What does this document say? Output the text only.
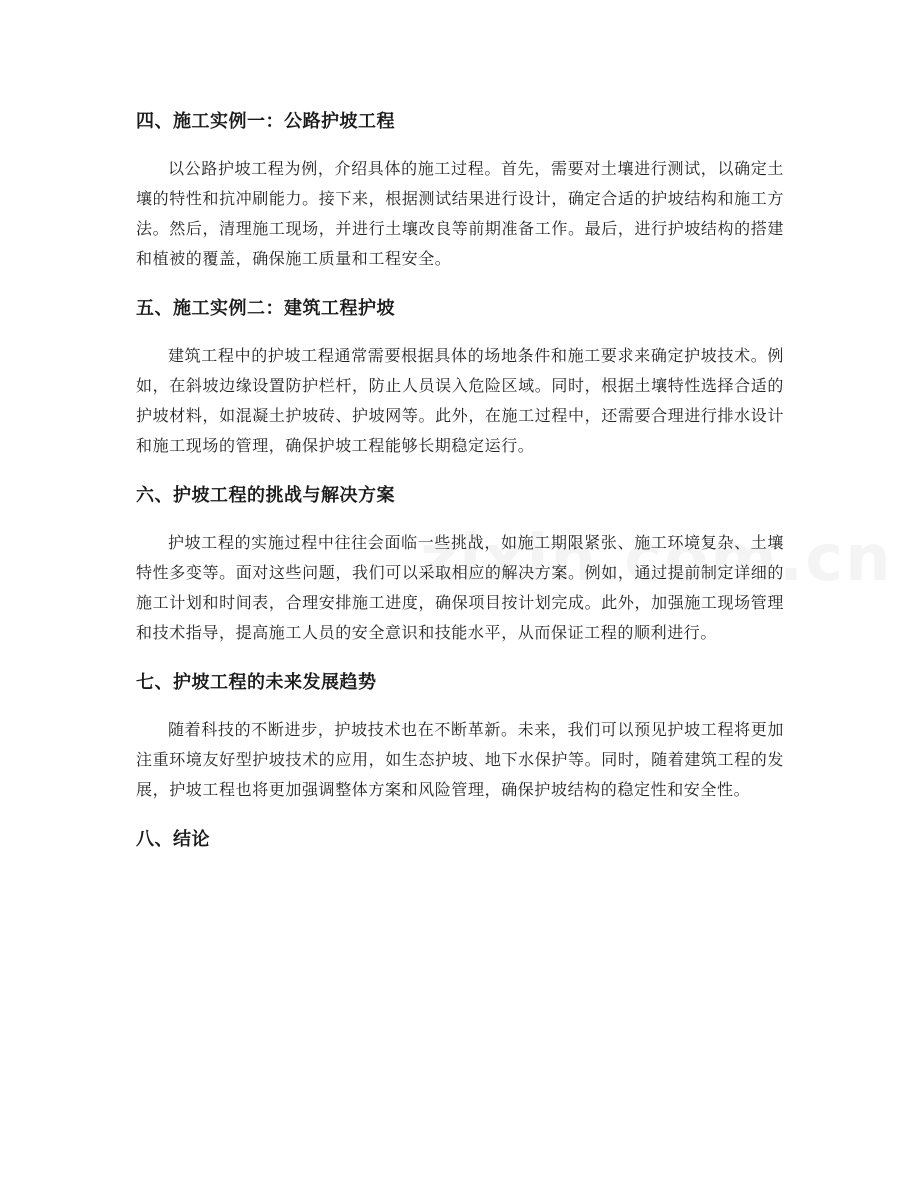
四、施工实例一：公路护坡工程

以公路护坡工程为例，介绍具体的施工过程。首先，需要对土壤进行测试，以确定土壤的特性和抗冲刷能力。接下来，根据测试结果进行设计，确定合适的护坡结构和施工方法。然后，清理施工现场，并进行土壤改良等前期准备工作。最后，进行护坡结构的搭建和植被的覆盖，确保施工质量和工程安全。

五、施工实例二：建筑工程护坡

建筑工程中的护坡工程通常需要根据具体的场地条件和施工要求来确定护坡技术。例如，在斜坡边缘设置防护栏杆，防止人员误入危险区域。同时，根据土壤特性选择合适的护坡材料，如混凝土护坡砖、护坡网等。此外，在施工过程中，还需要合理进行排水设计和施工现场的管理，确保护坡工程能够长期稳定运行。

六、护坡工程的挑战与解决方案

护坡工程的实施过程中往往会面临一些挑战，如施工期限紧张、施工环境复杂、土壤特性多变等。面对这些问题，我们可以采取相应的解决方案。例如，通过提前制定详细的施工计划和时间表，合理安排施工进度，确保项目按计划完成。此外，加强施工现场管理和技术指导，提高施工人员的安全意识和技能水平，从而保证工程的顺利进行。

七、护坡工程的未来发展趋势

随着科技的不断进步，护坡技术也在不断革新。未来，我们可以预见护坡工程将更加注重环境友好型护坡技术的应用，如生态护坡、地下水保护等。同时，随着建筑工程的发展，护坡工程也将更加强调整体方案和风险管理，确保护坡结构的稳定性和安全性。

八、结论
